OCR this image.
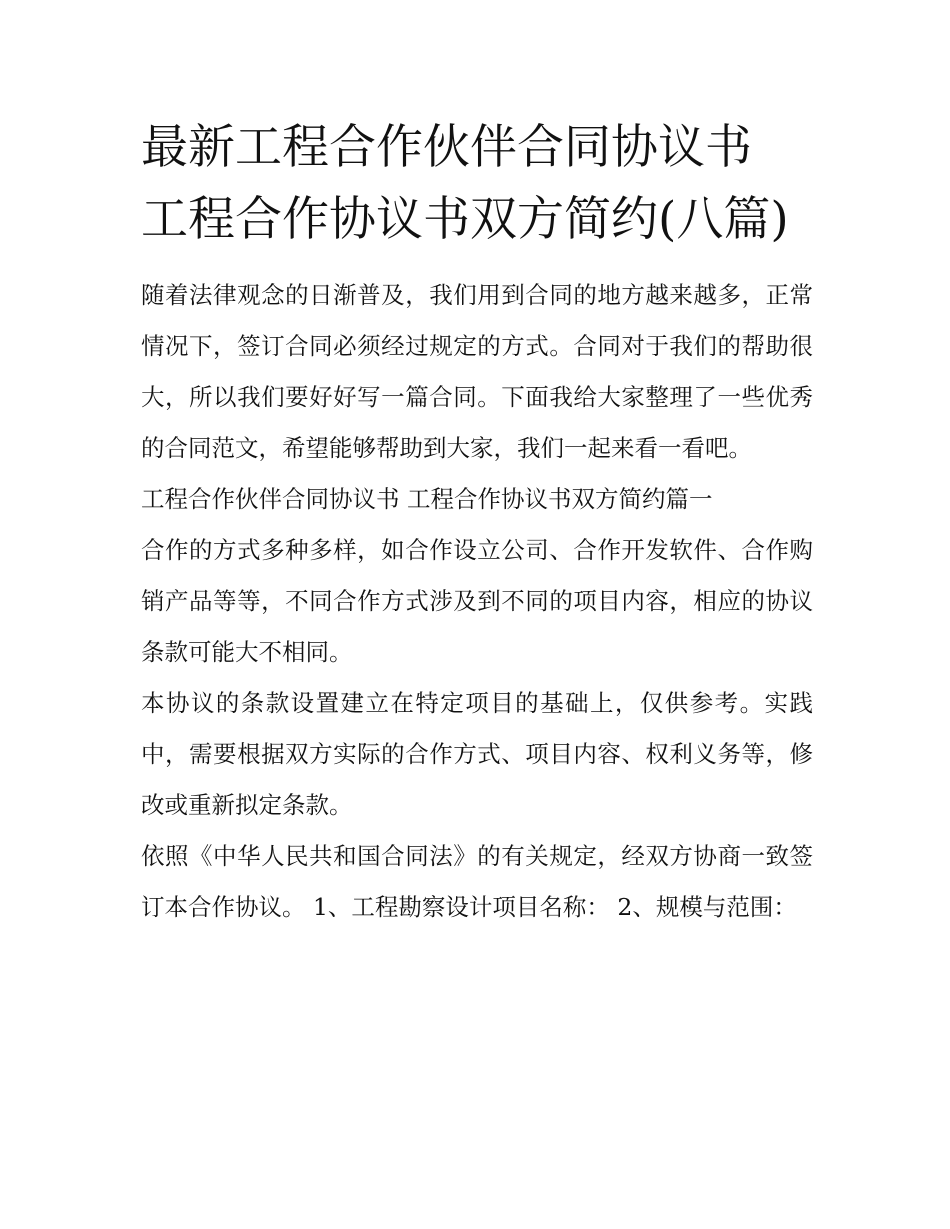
最新工程合作伙伴合同协议书 工程合作协议书双方简约(八篇)

随着法律观念的日渐普及，我们用到合同的地方越来越多，正常情况下，签订合同必须经过规定的方式。合同对于我们的帮助很大，所以我们要好好写一篇合同。下面我给大家整理了一些优秀的合同范文，希望能够帮助到大家，我们一起来看一看吧。

工程合作伙伴合同协议书 工程合作协议书双方简约篇一

合作的方式多种多样，如合作设立公司、合作开发软件、合作购销产品等等，不同合作方式涉及到不同的项目内容，相应的协议条款可能大不相同。

本协议的条款设置建立在特定项目的基础上，仅供参考。实践中，需要根据双方实际的合作方式、项目内容、权利义务等，修改或重新拟定条款。

依照《中华人民共和国合同法》的有关规定，经双方协商一致签订本合作协议。 1、工程勘察设计项目名称： 2、规模与范围：
